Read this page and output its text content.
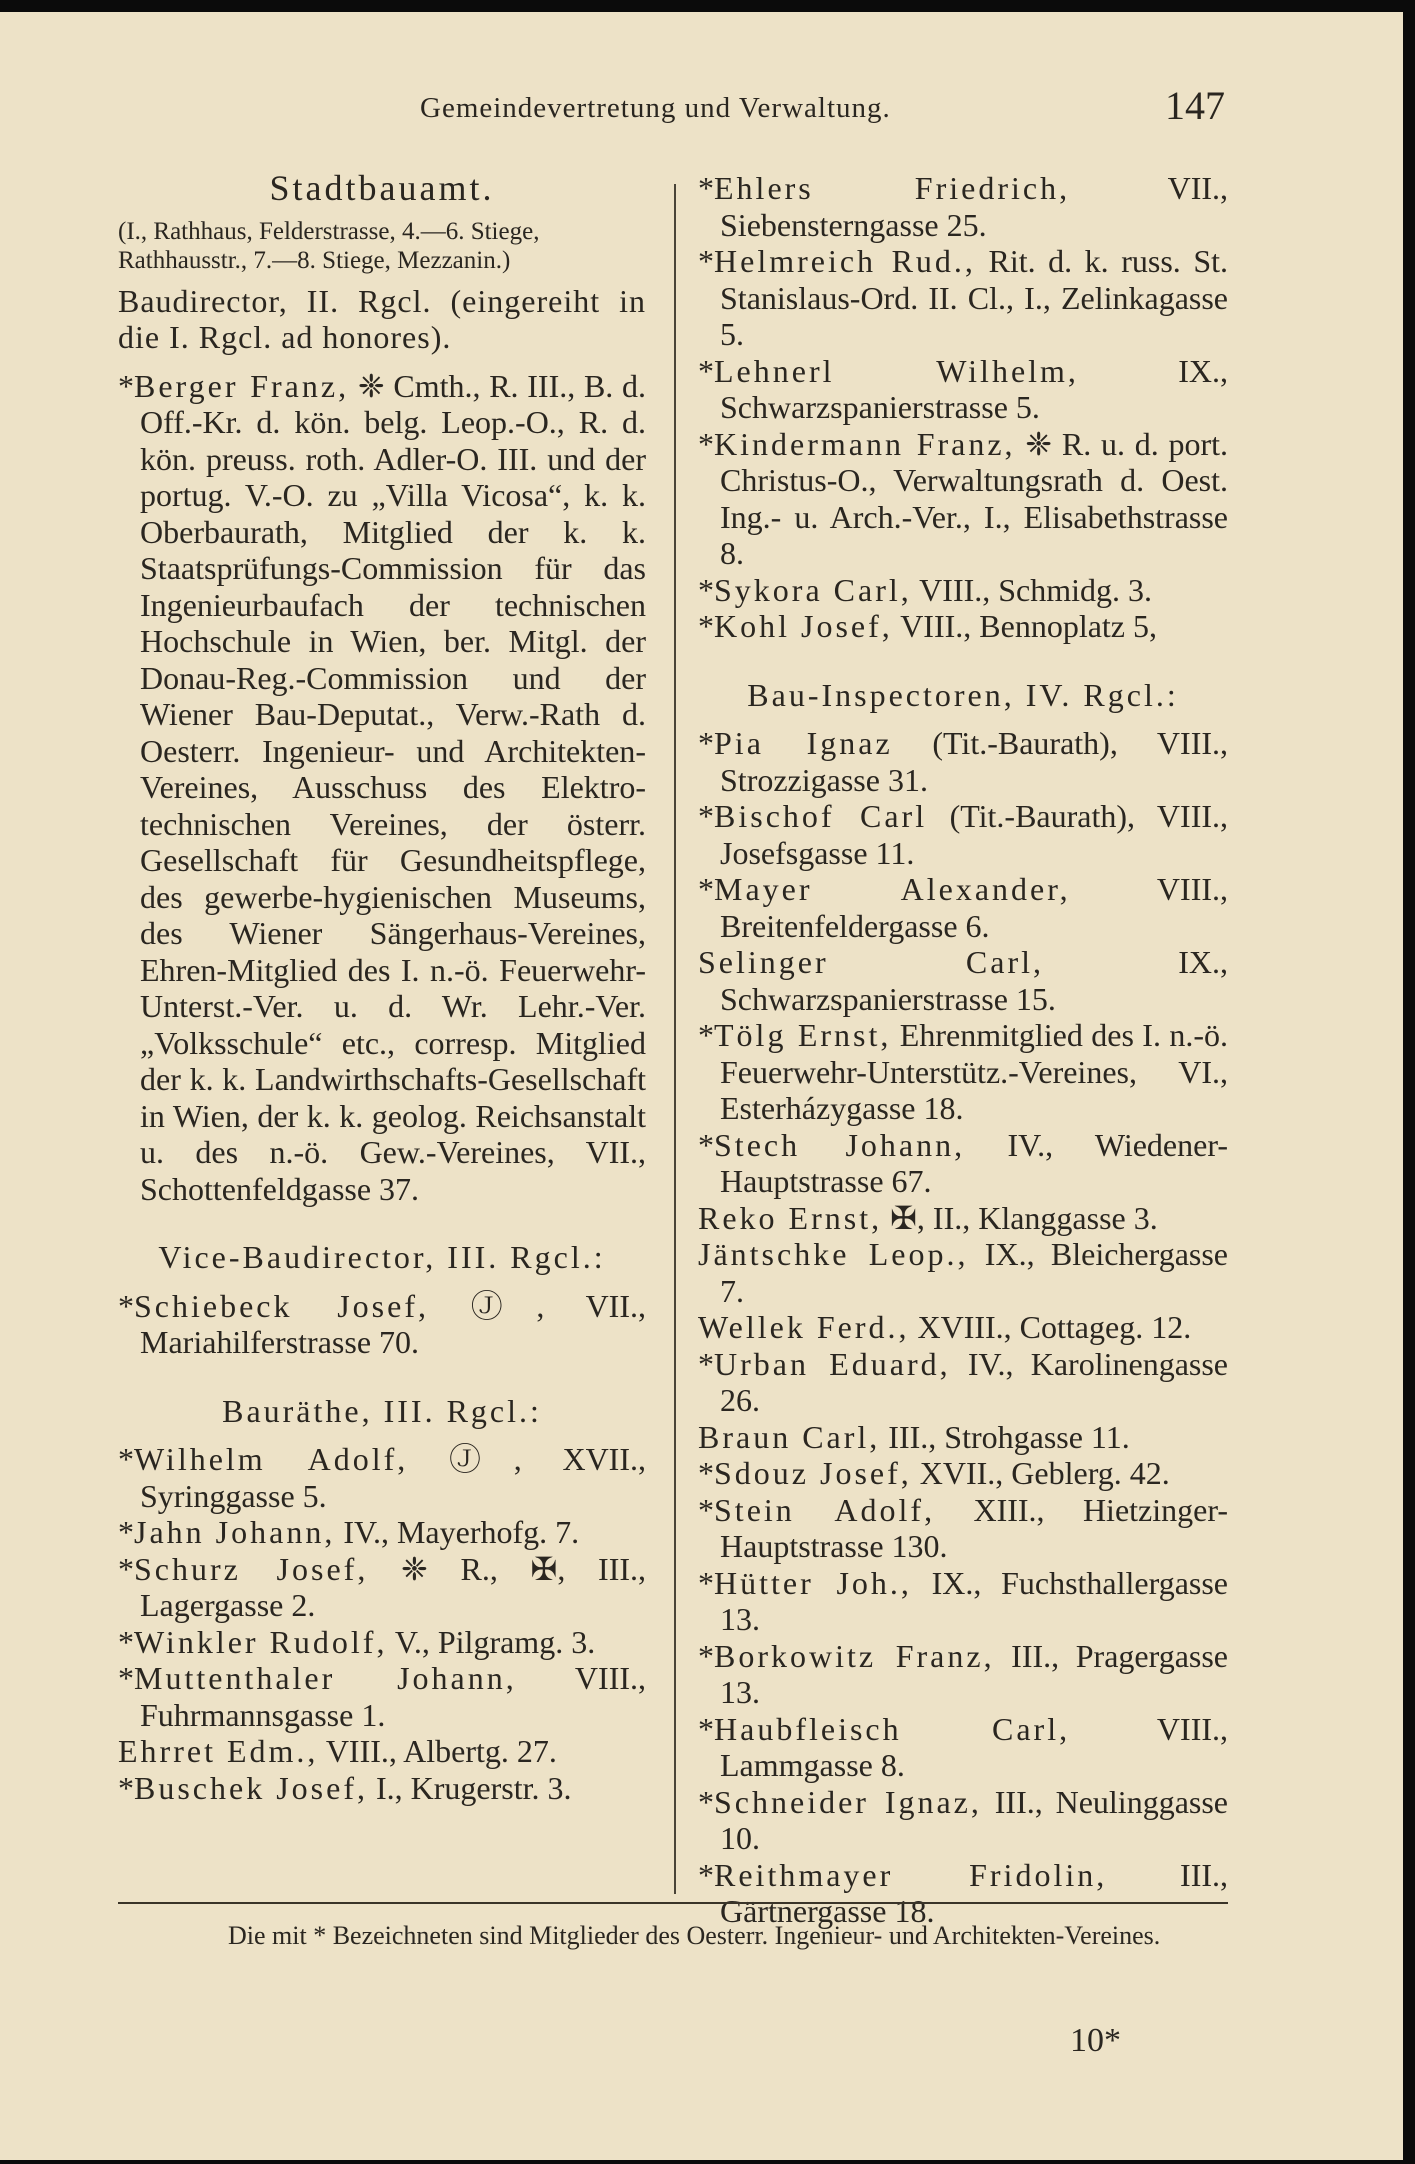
Gemeindevertretung und Verwaltung.	147
Stadtbauamt.
(I., Rathhaus, Felderstrasse, 4.—6. Stiege, Rathhausstr., 7.—8. Stiege, Mezzanin.)
Baudirector, II. Rgcl. (eingereiht in die I. Rgcl. ad honores).
*Berger Franz, ❈ Cmth., R. III., B. d. Off.-Kr. d. kön. belg. Leop.-O., R. d. kön. preuss. roth. Adler-O. III. und der portug. V.-O. zu „Villa Vicosa“, k. k. Oberbaurath, Mitglied der k. k. Staatsprüfungs-Commission für das Ingenieurbaufach der technischen Hochschule in Wien, ber. Mitgl. der Donau-Reg.-Commission und der Wiener Bau-Deputat., Verw.-Rath d. Oesterr. Ingenieur- und Architekten-Vereines, Ausschuss des Elektro-technischen Vereines, der österr. Gesellschaft für Gesundheitspflege, des gewerbe-hygienischen Museums, des Wiener Sängerhaus-Vereines, Ehren-Mitglied des I. n.-ö. Feuerwehr-Unterst.-Ver. u. d. Wr. Lehr.-Ver. „Volksschule“ etc., corresp. Mitglied der k. k. Landwirthschafts-Gesellschaft in Wien, der k. k. geolog. Reichsanstalt u. des n.-ö. Gew.-Vereines, VII., Schottenfeldgasse 37.
Vice-Baudirector, III. Rgcl.:
*Schiebeck Josef, Ⓙ, VII., Mariahilferstrasse 70.
Bauräthe, III. Rgcl.:
*Wilhelm Adolf, Ⓙ, XVII., Syringgasse 5.
*Jahn Johann, IV., Mayerhofg. 7.
*Schurz Josef, ❈ R., ✠, III., Lagergasse 2.
*Winkler Rudolf, V., Pilgramg. 3.
*Muttenthaler Johann, VIII., Fuhrmannsgasse 1.
Ehrret Edm., VIII., Albertg. 27.
*Buschek Josef, I., Krugerstr. 3.
*Ehlers Friedrich, VII., Siebensterngasse 25.
*Helmreich Rud., Rit. d. k. russ. St. Stanislaus-Ord. II. Cl., I., Zelinkagasse 5.
*Lehnerl Wilhelm, IX., Schwarzspanierstrasse 5.
*Kindermann Franz, ❈ R. u. d. port. Christus-O., Verwaltungsrath d. Oest. Ing.- u. Arch.-Ver., I., Elisabethstrasse 8.
*Sykora Carl, VIII., Schmidg. 3.
*Kohl Josef, VIII., Bennoplatz 5,
Bau-Inspectoren, IV. Rgcl.:
*Pia Ignaz (Tit.-Baurath), VIII., Strozzigasse 31.
*Bischof Carl (Tit.-Baurath), VIII., Josefsgasse 11.
*Mayer Alexander, VIII., Breitenfeldergasse 6.
Selinger Carl, IX., Schwarzspanierstrasse 15.
*Tölg Ernst, Ehrenmitglied des I. n.-ö. Feuerwehr-Unterstütz.-Vereines, VI., Esterházygasse 18.
*Stech Johann, IV., Wiedener-Hauptstrasse 67.
Reko Ernst, ✠, II., Klanggasse 3.
Jäntschke Leop., IX., Bleichergasse 7.
Wellek Ferd., XVIII., Cottageg. 12.
*Urban Eduard, IV., Karolinengasse 26.
Braun Carl, III., Strohgasse 11.
*Sdouz Josef, XVII., Geblerg. 42.
*Stein Adolf, XIII., Hietzinger-Hauptstrasse 130.
*Hütter Joh., IX., Fuchsthallergasse 13.
*Borkowitz Franz, III., Pragergasse 13.
*Haubfleisch Carl, VIII., Lammgasse 8.
*Schneider Ignaz, III., Neulinggasse 10.
*Reithmayer Fridolin, III., Gärtnergasse 18.
Die mit * Bezeichneten sind Mitglieder des Oesterr. Ingenieur- und Architekten-Vereines.
10*
